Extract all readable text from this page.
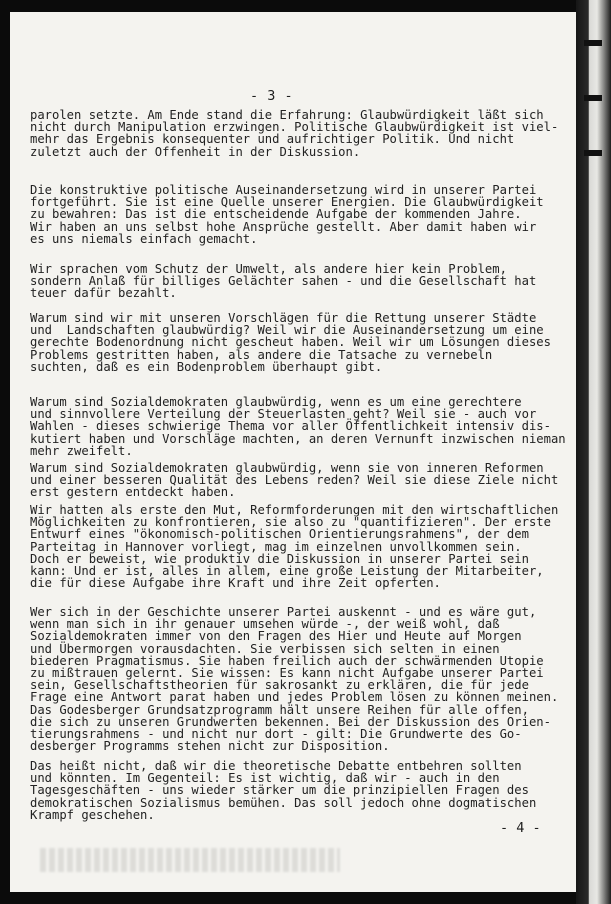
- 3 -
parolen setzte. Am Ende stand die Erfahrung: Glaubwürdigkeit läßt sich
nicht durch Manipulation erzwingen. Politische Glaubwürdigkeit ist viel-
mehr das Ergebnis konsequenter und aufrichtiger Politik. Und nicht
zuletzt auch der Offenheit in der Diskussion.
Die konstruktive politische Auseinandersetzung wird in unserer Partei
fortgeführt. Sie ist eine Quelle unserer Energien. Die Glaubwürdigkeit
zu bewahren: Das ist die entscheidende Aufgabe der kommenden Jahre.
Wir haben an uns selbst hohe Ansprüche gestellt. Aber damit haben wir
es uns niemals einfach gemacht.
Wir sprachen vom Schutz der Umwelt, als andere hier kein Problem,
sondern Anlaß für billiges Gelächter sahen - und die Gesellschaft hat
teuer dafür bezahlt.
Warum sind wir mit unseren Vorschlägen für die Rettung unserer Städte
und  Landschaften glaubwürdig? Weil wir die Auseinandersetzung um eine
gerechte Bodenordnung nicht gescheut haben. Weil wir um Lösungen dieses
Problems gestritten haben, als andere die Tatsache zu vernebeln
suchten, daß es ein Bodenproblem überhaupt gibt.
Warum sind Sozialdemokraten glaubwürdig, wenn es um eine gerechtere
und sinnvollere Verteilung der Steuerlasten geht? Weil sie - auch vor
Wahlen - dieses schwierige Thema vor aller Öffentlichkeit intensiv dis-
kutiert haben und Vorschläge machten, an deren Vernunft inzwischen nieman
mehr zweifelt.
Warum sind Sozialdemokraten glaubwürdig, wenn sie von inneren Reformen
und einer besseren Qualität des Lebens reden? Weil sie diese Ziele nicht
erst gestern entdeckt haben.
Wir hatten als erste den Mut, Reformforderungen mit den wirtschaftlichen
Möglichkeiten zu konfrontieren, sie also zu "quantifizieren". Der erste
Entwurf eines "ökonomisch-politischen Orientierungsrahmens", der dem
Parteitag in Hannover vorliegt, mag im einzelnen unvollkommen sein.
Doch er beweist, wie produktiv die Diskussion in unserer Partei sein
kann: Und er ist, alles in allem, eine große Leistung der Mitarbeiter,
die für diese Aufgabe ihre Kraft und ihre Zeit opferten.
Wer sich in der Geschichte unserer Partei auskennt - und es wäre gut,
wenn man sich in ihr genauer umsehen würde -, der weiß wohl, daß
Sozialdemokraten immer von den Fragen des Hier und Heute auf Morgen
und Übermorgen vorausdachten. Sie verbissen sich selten in einen
biederen Pragmatismus. Sie haben freilich auch der schwärmenden Utopie
zu mißtrauen gelernt. Sie wissen: Es kann nicht Aufgabe unserer Partei
sein, Gesellschaftstheorien für sakrosankt zu erklären, die für jede
Frage eine Antwort parat haben und jedes Problem lösen zu können meinen.
Das Godesberger Grundsatzprogramm hält unsere Reihen für alle offen,
die sich zu unseren Grundwerten bekennen. Bei der Diskussion des Orien-
tierungsrahmens - und nicht nur dort - gilt: Die Grundwerte des Go-
desberger Programms stehen nicht zur Disposition.
Das heißt nicht, daß wir die theoretische Debatte entbehren sollten
und könnten. Im Gegenteil: Es ist wichtig, daß wir - auch in den
Tagesgeschäften - uns wieder stärker um die prinzipiellen Fragen des
demokratischen Sozialismus bemühen. Das soll jedoch ohne dogmatischen
Krampf geschehen.
- 4 -
